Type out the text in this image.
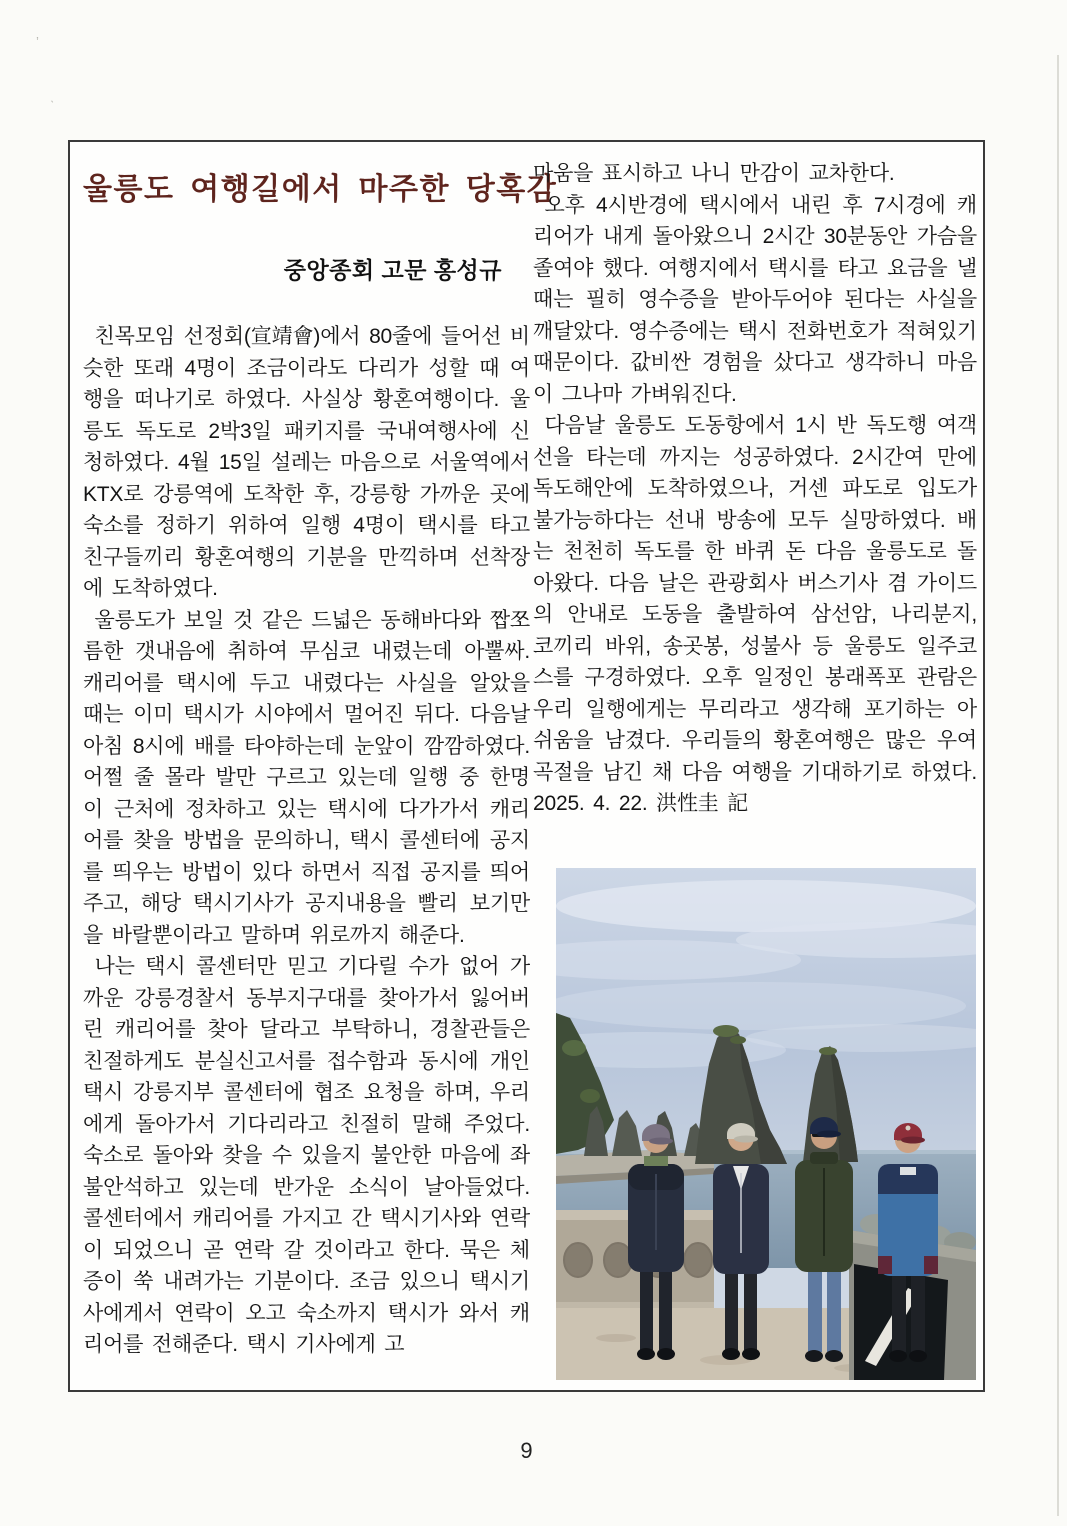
’
ˋ
울릉도 여행길에서 마주한 당혹감
중앙종회 고문 홍성규

친목모임 선정회(宣靖會)에서 80줄에 들어선 비슷한 또래 4명이 조금이라도 다리가 성할 때 여행을 떠나기로 하였다. 사실상 황혼여행이다. 울릉도 독도로 2박3일 패키지를 국내여행사에 신청하였다. 4월 15일 설레는 마음으로 서울역에서 KTX로 강릉역에 도착한 후, 강릉항 가까운 곳에 숙소를 정하기 위하여 일행 4명이 택시를 타고 친구들끼리 황혼여행의 기분을 만끽하며 선착장에 도착하였다.

울릉도가 보일 것 같은 드넓은 동해바다와 짭쪼름한 갯내음에 취하여 무심코 내렸는데 아뿔싸. 캐리어를 택시에 두고 내렸다는 사실을 알았을 때는 이미 택시가 시야에서 멀어진 뒤다. 다음날 아침 8시에 배를 타야하는데 눈앞이 깜깜하였다. 어쩔 줄 몰라 발만 구르고 있는데 일행 중 한명이 근처에 정차하고 있는 택시에 다가가서 캐리어를 찾을 방법을 문의하니, 택시 콜센터에 공지를 띄우는 방법이 있다 하면서 직접 공지를 띄어주고, 해당 택시기사가 공지내용을 빨리 보기만을 바랄뿐이라고 말하며 위로까지 해준다.

나는 택시 콜센터만 믿고 기다릴 수가 없어 가까운 강릉경찰서 동부지구대를 찾아가서 잃어버린 캐리어를 찾아 달라고 부탁하니, 경찰관들은 친절하게도 분실신고서를 접수함과 동시에 개인택시 강릉지부 콜센터에 협조 요청을 하며, 우리에게 돌아가서 기다리라고 친절히 말해 주었다. 숙소로 돌아와 찾을 수 있을지 불안한 마음에 좌불안석하고 있는데 반가운 소식이 날아들었다. 콜센터에서 캐리어를 가지고 간 택시기사와 연락이 되었으니 곧 연락 갈 것이라고 한다. 묵은 체증이 쑥 내려가는 기분이다. 조금 있으니 택시기사에게서 연락이 오고 숙소까지 택시가 와서 캐리어를 전해준다. 택시 기사에게 고

마움을 표시하고 나니 만감이 교차한다.

오후 4시반경에 택시에서 내린 후 7시경에 캐리어가 내게 돌아왔으니 2시간 30분동안 가슴을 졸여야 했다. 여행지에서 택시를 타고 요금을 낼 때는 필히 영수증을 받아두어야 된다는 사실을 깨달았다. 영수증에는 택시 전화번호가 적혀있기 때문이다. 값비싼 경험을 샀다고 생각하니 마음이 그나마 가벼워진다.

다음날 울릉도 도동항에서 1시 반 독도행 여객선을 타는데 까지는 성공하였다. 2시간여 만에 독도해안에 도착하였으나, 거센 파도로 입도가 불가능하다는 선내 방송에 모두 실망하였다. 배는 천천히 독도를 한 바퀴 돈 다음 울릉도로 돌아왔다. 다음 날은 관광회사 버스기사 겸 가이드의 안내로 도동을 출발하여 삼선암, 나리분지, 코끼리 바위, 송곳봉, 성불사 등 울릉도 일주코스를 구경하였다. 오후 일정인 봉래폭포 관람은 우리 일행에게는 무리라고 생각해 포기하는 아쉬움을 남겼다. 우리들의 황혼여행은 많은 우여곡절을 남긴 채 다음 여행을 기대하기로 하였다. 2025. 4. 22. 洪性圭 記

9
